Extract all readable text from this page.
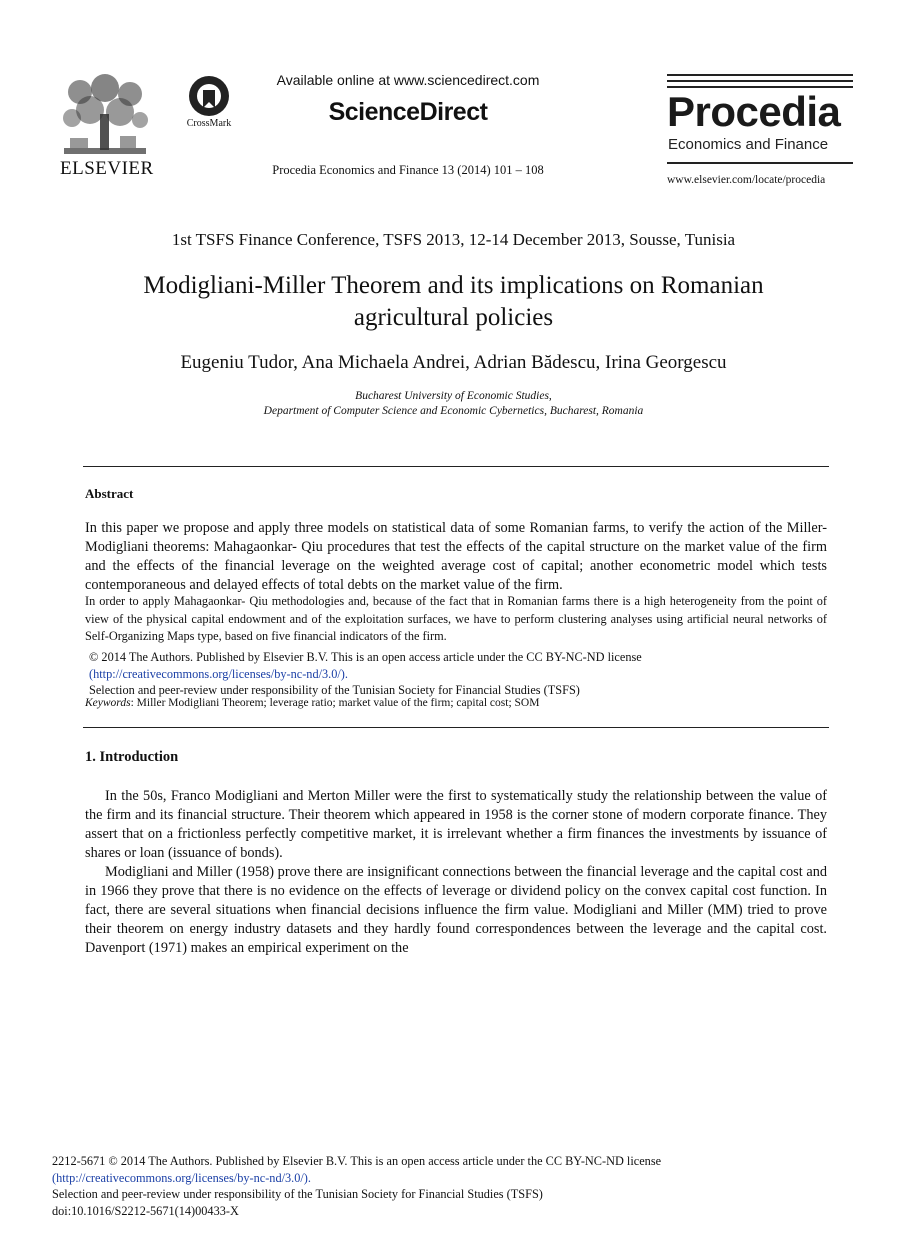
ELSEVIER
CrossMark
Available online at www.sciencedirect.com
ScienceDirect
Procedia Economics and Finance 13 (2014) 101 – 108
Procedia
Economics and Finance
www.elsevier.com/locate/procedia
1st TSFS Finance Conference, TSFS 2013, 12-14 December 2013, Sousse, Tunisia
Modigliani-Miller Theorem and its implications on Romanian
agricultural policies
Eugeniu Tudor, Ana Michaela Andrei, Adrian Bădescu, Irina Georgescu
Bucharest University of Economic Studies,
Department of Computer Science and Economic Cybernetics, Bucharest, Romania
Abstract

In this paper we propose and apply three models on statistical data of some Romanian farms, to verify the action of the Miller-Modigliani theorems: Mahagaonkar- Qiu procedures that test the effects of the capital structure on the market value of the firm and the effects of the financial leverage on the weighted average cost of capital; another econometric model which tests contemporaneous and delayed effects of total debts on the market value of the firm.

In order to apply Mahagaonkar- Qiu methodologies and, because of the fact that in Romanian farms there is a high heterogeneity from the point of view of the physical capital endowment and of the exploitation surfaces, we have to perform clustering analyses using artificial neural networks of Self-Organizing Maps type, based on five financial indicators of the firm.

© 2014 The Authors. Published by Elsevier B.V. This is an open access article under the CC BY-NC-ND license
(http://creativecommons.org/licenses/by-nc-nd/3.0/).
Selection and peer-review under responsibility of the Tunisian Society for Financial Studies (TSFS)
Keywords: Miller Modigliani Theorem; leverage ratio; market value of the firm; capital cost; SOM
1. Introduction

In the 50s, Franco Modigliani and Merton Miller were the first to systematically study the relationship between the value of the firm and its financial structure. Their theorem which appeared in 1958 is the corner stone of modern corporate finance. They assert that on a frictionless perfectly competitive market, it is irrelevant whether a firm finances the investments by issuance of shares or loan (issuance of bonds).

Modigliani and Miller (1958) prove there are insignificant connections between the financial leverage and the capital cost and in 1966 they prove that there is no evidence on the effects of leverage or dividend policy on the convex capital cost function. In fact, there are several situations when financial decisions influence the firm value. Modigliani and Miller (MM) tried to prove their theorem on energy industry datasets and they hardly found correspondences between the leverage and the capital cost. Davenport (1971) makes an empirical experiment on the

2212-5671 © 2014 The Authors. Published by Elsevier B.V. This is an open access article under the CC BY-NC-ND license
(http://creativecommons.org/licenses/by-nc-nd/3.0/).
Selection and peer-review under responsibility of the Tunisian Society for Financial Studies (TSFS)
doi:10.1016/S2212-5671(14)00433-X
